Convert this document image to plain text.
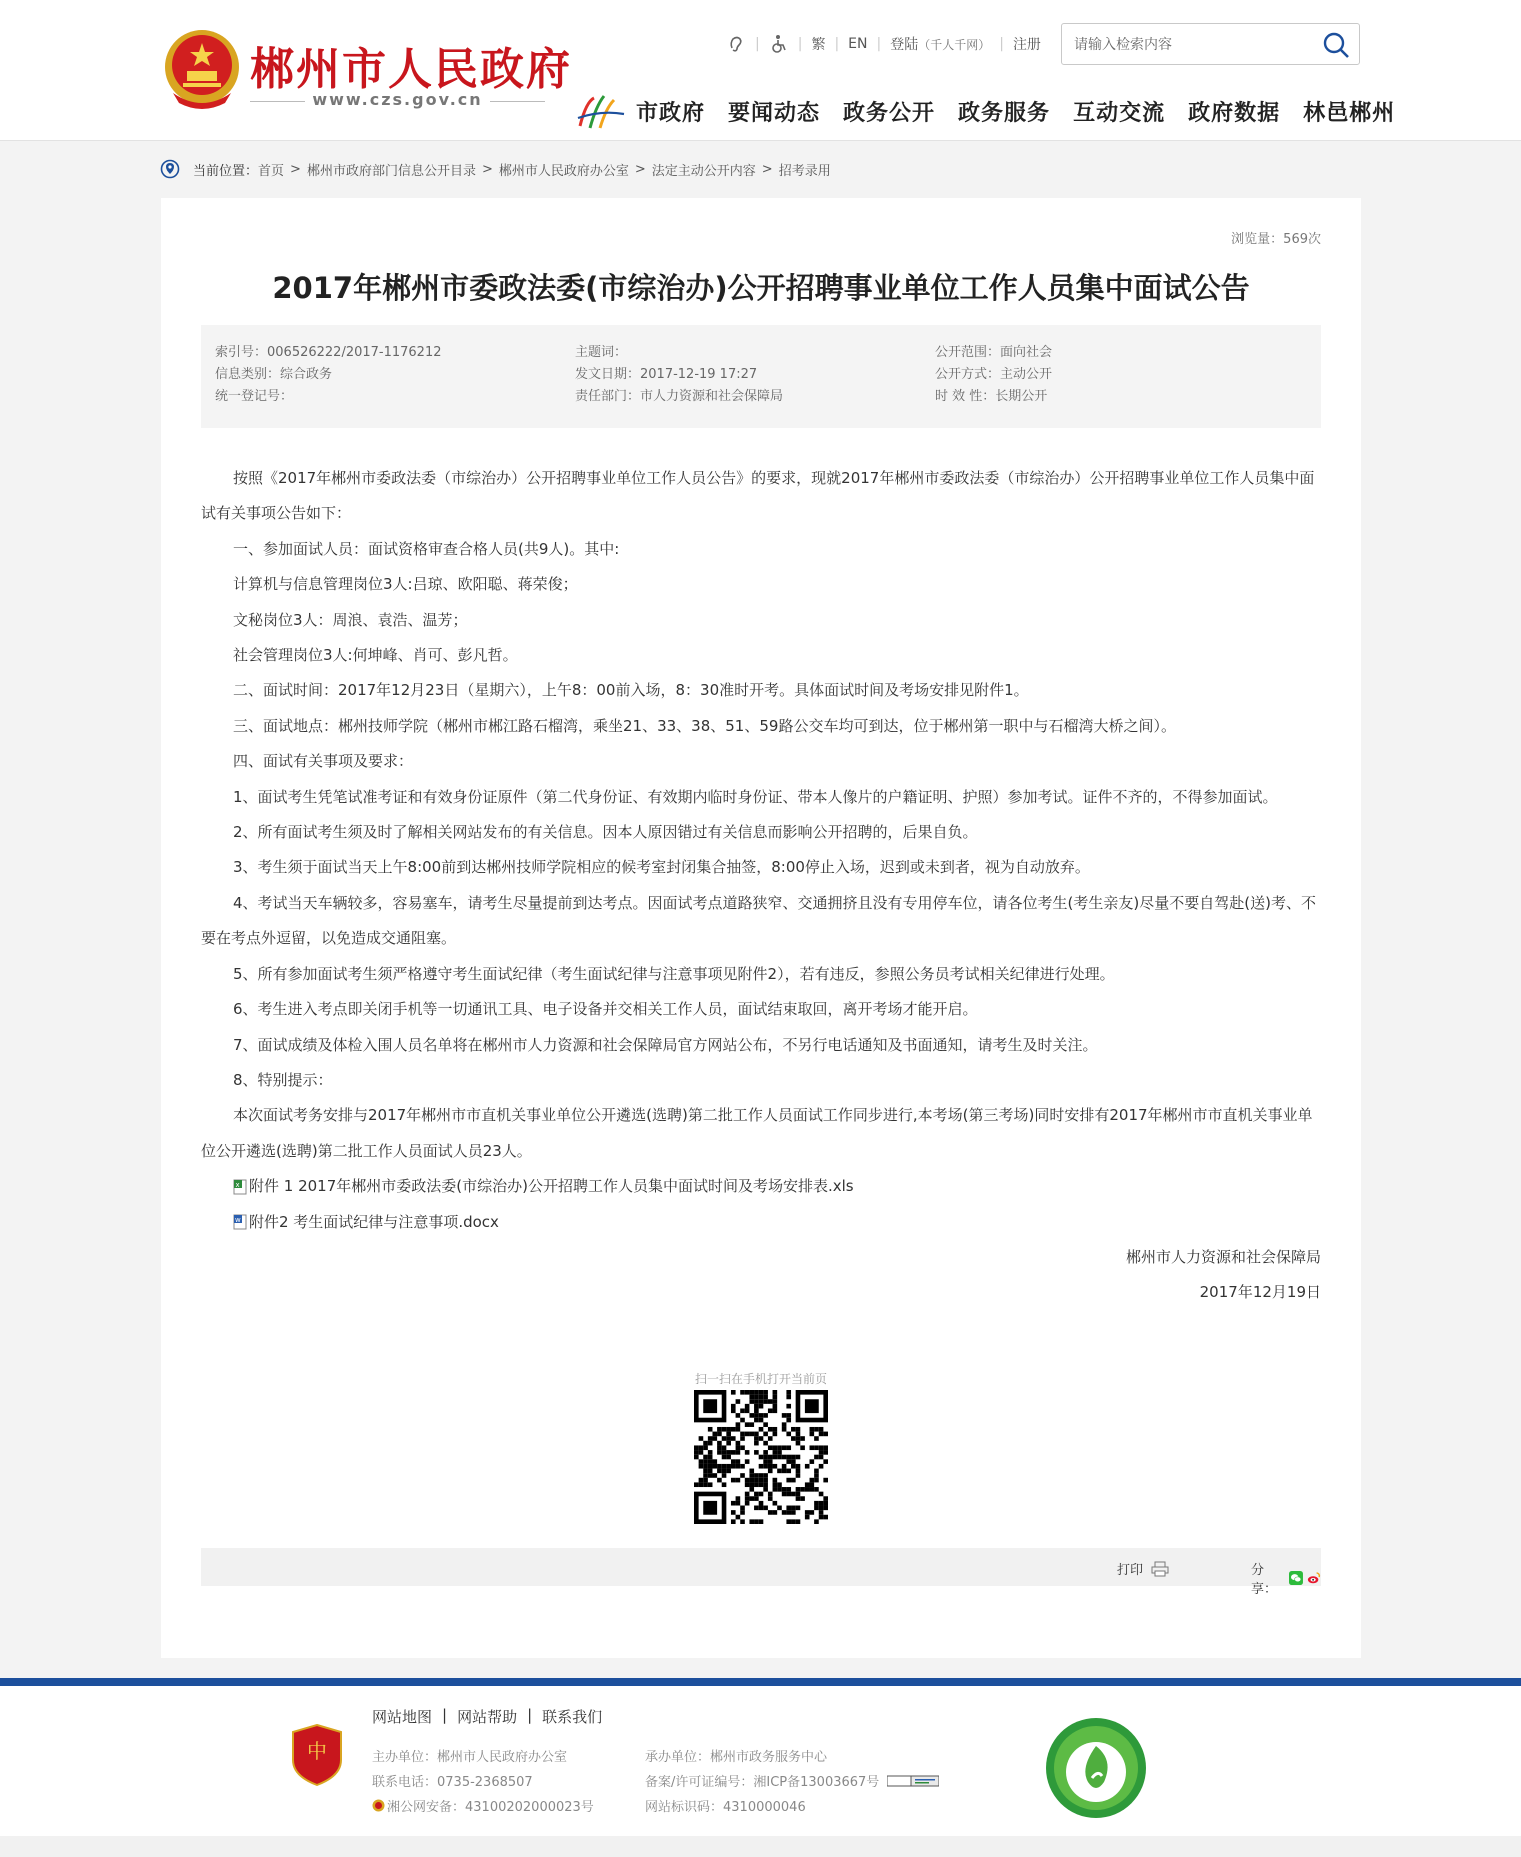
郴州市人民政府
www.czs.gov.cn
|	| 繁 | EN | 登陆 （千人千网） | 注册
请输入检索内容
市政府 要闻动态 政务公开 政务服务 互动交流 政府数据 林邑郴州
当前位置： 首页 > 郴州市政府部门信息公开目录 > 郴州市人民政府办公室 > 法定主动公开内容 > 招考录用
浏览量：569次
2017年郴州市委政法委(市综治办)公开招聘事业单位工作人员集中面试公告
索引号：006526222/2017-1176212
信息类别：综合政务
统一登记号：
主题词：
发文日期：2017-12-19 17:27
责任部门：市人力资源和社会保障局
公开范围：面向社会
公开方式：主动公开
时 效 性：长期公开

按照《2017年郴州市委政法委（市综治办）公开招聘事业单位工作人员公告》的要求，现就2017年郴州市委政法委（市综治办）公开招聘事业单位工作人员集中面试有关事项公告如下：

一、参加面试人员：面试资格审查合格人员(共9人)。其中:

计算机与信息管理岗位3人:吕琼、欧阳聪、蒋荣俊；

文秘岗位3人：周浪、袁浩、温芳；

社会管理岗位3人:何坤峰、肖可、彭凡哲。

二、面试时间：2017年12月23日（星期六），上午8：00前入场，8：30准时开考。具体面试时间及考场安排见附件1。

三、面试地点：郴州技师学院（郴州市郴江路石榴湾，乘坐21、33、38、51、59路公交车均可到达，位于郴州第一职中与石榴湾大桥之间）。

四、面试有关事项及要求：

1、面试考生凭笔试准考证和有效身份证原件（第二代身份证、有效期内临时身份证、带本人像片的户籍证明、护照）参加考试。证件不齐的，不得参加面试。

2、所有面试考生须及时了解相关网站发布的有关信息。因本人原因错过有关信息而影响公开招聘的，后果自负。

3、考生须于面试当天上午8:00前到达郴州技师学院相应的候考室封闭集合抽签，8:00停止入场，迟到或未到者，视为自动放弃。

4、考试当天车辆较多，容易塞车，请考生尽量提前到达考点。因面试考点道路狭窄、交通拥挤且没有专用停车位，请各位考生(考生亲友)尽量不要自驾赴(送)考、不要在考点外逗留，以免造成交通阻塞。

5、所有参加面试考生须严格遵守考生面试纪律（考生面试纪律与注意事项见附件2），若有违反，参照公务员考试相关纪律进行处理。

6、考生进入考点即关闭手机等一切通讯工具、电子设备并交相关工作人员，面试结束取回，离开考场才能开启。

7、面试成绩及体检入围人员名单将在郴州市人力资源和社会保障局官方网站公布，不另行电话通知及书面通知，请考生及时关注。

8、特别提示：

本次面试考务安排与2017年郴州市市直机关事业单位公开遴选(选聘)第二批工作人员面试工作同步进行,本考场(第三考场)同时安排有2017年郴州市市直机关事业单位公开遴选(选聘)第二批工作人员面试人员23人。

x 附件 1 2017年郴州市委政法委(市综治办)公开招聘工作人员集中面试时间及考场安排表.xls

w 附件2 考生面试纪律与注意事项.docx

郴州市人力资源和社会保障局

2017年12月19日

扫一扫在手机打开当前页
打印	分享：
中
网站地图 | 网站帮助 | 联系我们
主办单位：郴州市人民政府办公室
联系电话：0735-2368507
湘公网安备：43100202000023号
承办单位：郴州市政务服务中心
备案/许可证编号：湘ICP备13003667号
网站标识码：4310000046
